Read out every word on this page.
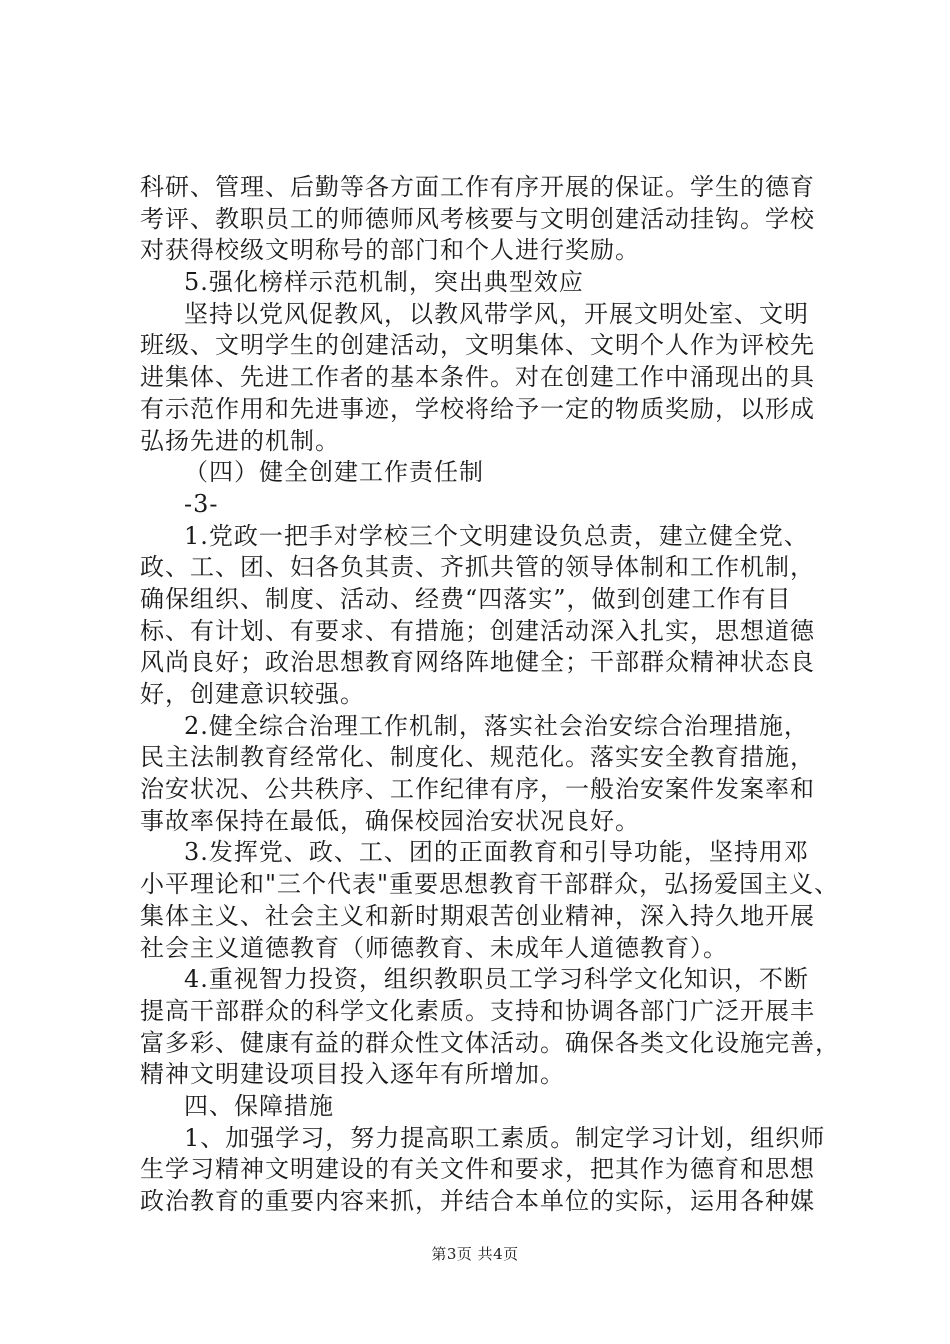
科研、管理、后勤等各方面工作有序开展的保证。学生的德育
考评、教职员工的师德师风考核要与文明创建活动挂钩。学校
对获得校级文明称号的部门和个人进行奖励。
5.强化榜样示范机制，突出典型效应
坚持以党风促教风，以教风带学风，开展文明处室、文明
班级、文明学生的创建活动，文明集体、文明个人作为评校先
进集体、先进工作者的基本条件。对在创建工作中涌现出的具
有示范作用和先进事迹，学校将给予一定的物质奖励，以形成
弘扬先进的机制。
（四）健全创建工作责任制
-3-
1.党政一把手对学校三个文明建设负总责，建立健全党、
政、工、团、妇各负其责、齐抓共管的领导体制和工作机制，
确保组织、制度、活动、经费“四落实”，做到创建工作有目
标、有计划、有要求、有措施；创建活动深入扎实，思想道德
风尚良好；政治思想教育网络阵地健全；干部群众精神状态良
好，创建意识较强。
2.健全综合治理工作机制，落实社会治安综合治理措施，
民主法制教育经常化、制度化、规范化。落实安全教育措施，
治安状况、公共秩序、工作纪律有序，一般治安案件发案率和
事故率保持在最低，确保校园治安状况良好。
3.发挥党、政、工、团的正面教育和引导功能，坚持用邓
小平理论和"三个代表"重要思想教育干部群众，弘扬爱国主义、
集体主义、社会主义和新时期艰苦创业精神，深入持久地开展
社会主义道德教育（师德教育、未成年人道德教育）。
4.重视智力投资，组织教职员工学习科学文化知识，不断
提高干部群众的科学文化素质。支持和协调各部门广泛开展丰
富多彩、健康有益的群众性文体活动。确保各类文化设施完善，
精神文明建设项目投入逐年有所增加。
四、保障措施
1、加强学习，努力提高职工素质。制定学习计划，组织师
生学习精神文明建设的有关文件和要求，把其作为德育和思想
政治教育的重要内容来抓，并结合本单位的实际，运用各种媒
第3页 共4页
